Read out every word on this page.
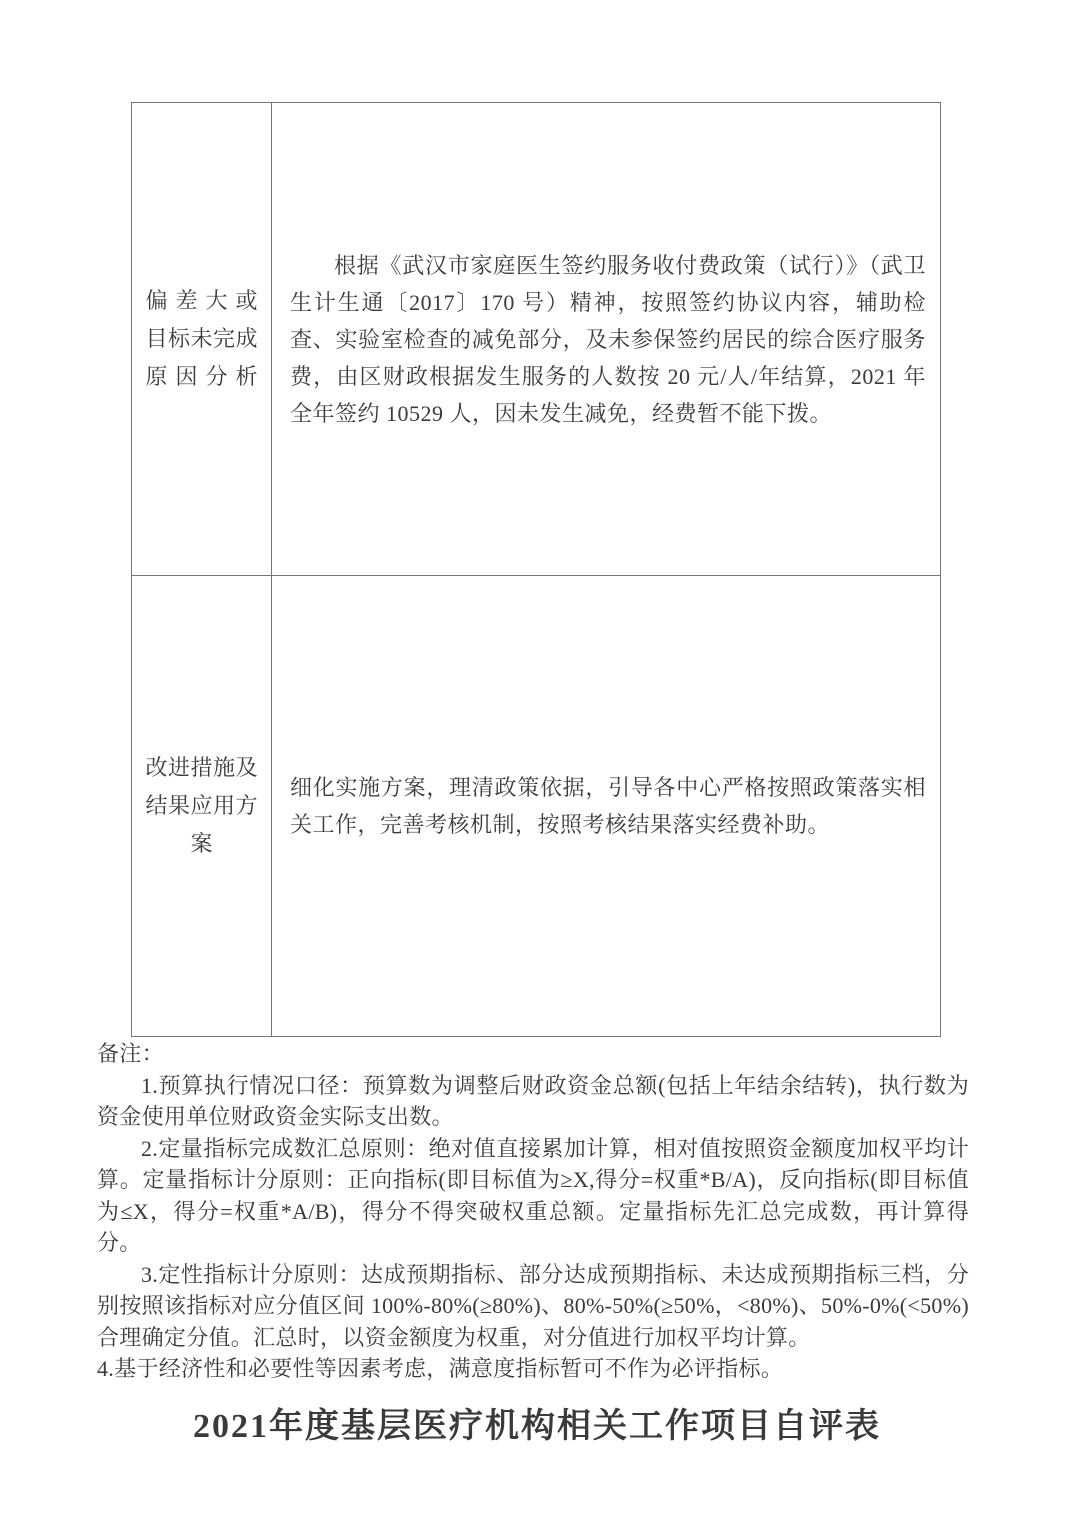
偏差大或
目标未完成
原因分析

根据《武汉市家庭医生签约服务收付费政策（试行）》（武卫生计生通〔2017〕170 号）精神，按照签约协议内容，辅助检查、实验室检查的减免部分，及未参保签约居民的综合医疗服务费，由区财政根据发生服务的人数按 20 元/人/年结算，2021 年全年签约 10529 人，因未发生减免，经费暂不能下拨。

改进措施及
结果应用方
案

细化实施方案，理清政策依据，引导各中心严格按照政策落实相关工作，完善考核机制，按照考核结果落实经费补助。

备注：

1.预算执行情况口径：预算数为调整后财政资金总额(包括上年结余结转)，执行数为资金使用单位财政资金实际支出数。

2.定量指标完成数汇总原则：绝对值直接累加计算，相对值按照资金额度加权平均计算。定量指标计分原则：正向指标(即目标值为≥X,得分=权重*B/A)，反向指标(即目标值为≤X，得分=权重*A/B)，得分不得突破权重总额。定量指标先汇总完成数，再计算得分。

3.定性指标计分原则：达成预期指标、部分达成预期指标、未达成预期指标三档，分别按照该指标对应分值区间 100%-80%(≥80%)、80%-50%(≥50%，<80%)、50%-0%(<50%)合理确定分值。汇总时，以资金额度为权重，对分值进行加权平均计算。

4.基于经济性和必要性等因素考虑，满意度指标暂可不作为必评指标。

2021年度基层医疗机构相关工作项目自评表
